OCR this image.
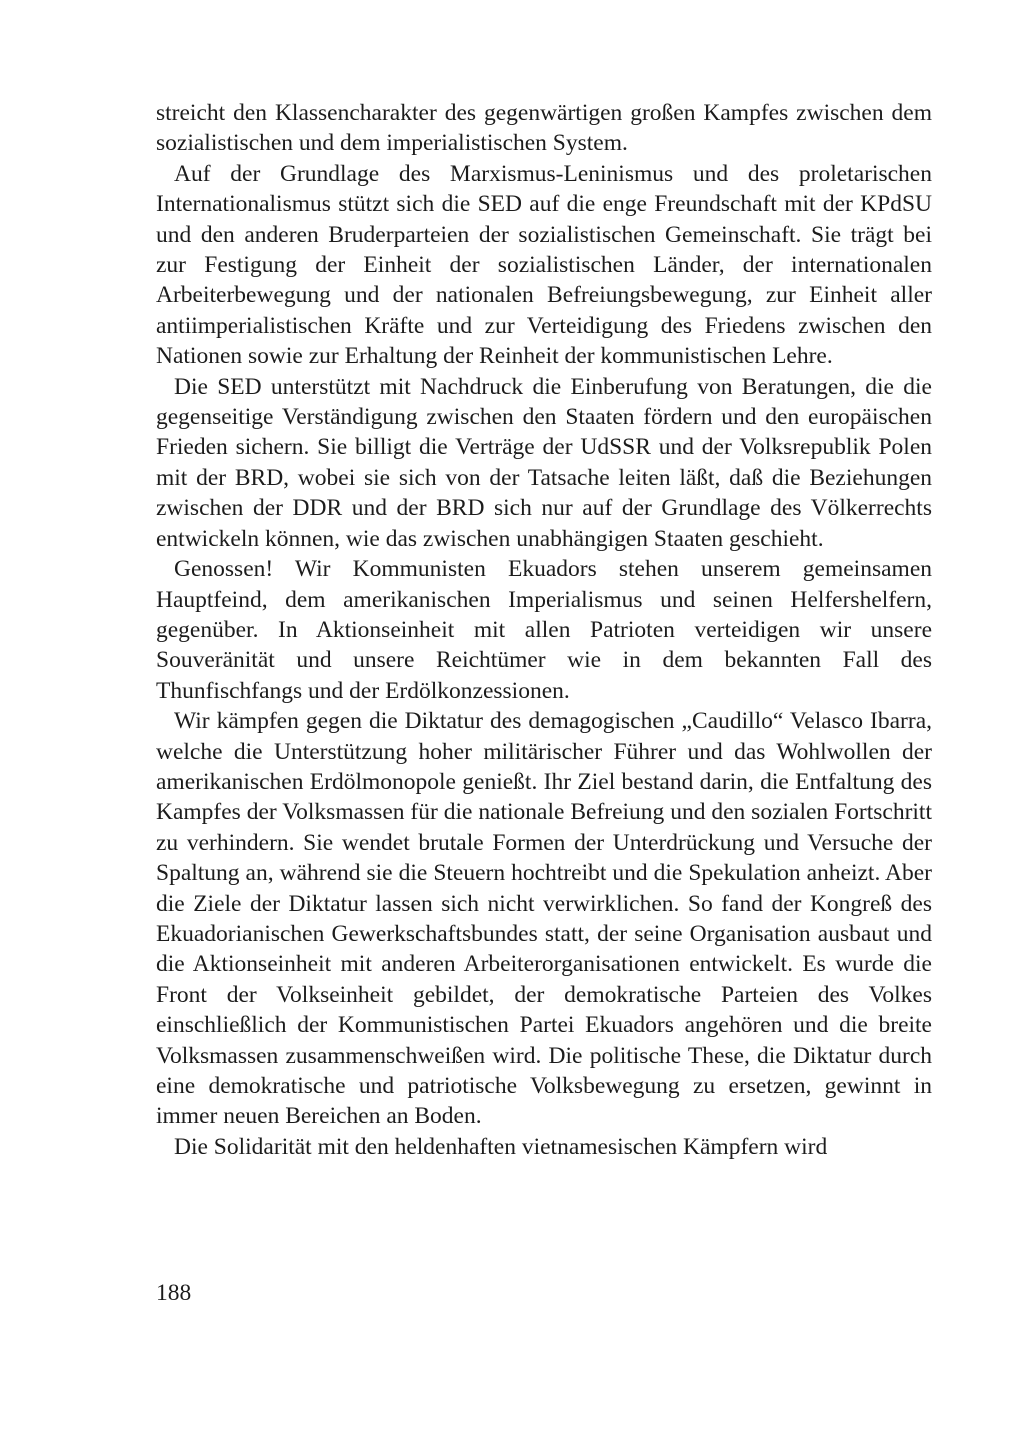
streicht den Klassencharakter des gegenwärtigen großen Kampfes zwischen dem sozialistischen und dem imperialistischen System.

Auf der Grundlage des Marxismus-Leninismus und des proletarischen Internationalismus stützt sich die SED auf die enge Freundschaft mit der KPdSU und den anderen Bruderparteien der sozialistischen Gemeinschaft. Sie trägt bei zur Festigung der Einheit der sozialistischen Länder, der internationalen Arbeiterbewegung und der nationalen Befreiungsbewegung, zur Einheit aller antiimperialistischen Kräfte und zur Verteidigung des Friedens zwischen den Nationen sowie zur Erhaltung der Reinheit der kommunistischen Lehre.

Die SED unterstützt mit Nachdruck die Einberufung von Beratungen, die die gegenseitige Verständigung zwischen den Staaten fördern und den europäischen Frieden sichern. Sie billigt die Verträge der UdSSR und der Volksrepublik Polen mit der BRD, wobei sie sich von der Tatsache leiten läßt, daß die Beziehungen zwischen der DDR und der BRD sich nur auf der Grundlage des Völkerrechts entwickeln können, wie das zwischen unabhängigen Staaten geschieht.

Genossen! Wir Kommunisten Ekuadors stehen unserem gemeinsamen Hauptfeind, dem amerikanischen Imperialismus und seinen Helfershelfern, gegenüber. In Aktionseinheit mit allen Patrioten verteidigen wir unsere Souveränität und unsere Reichtümer wie in dem bekannten Fall des Thunfischfangs und der Erdölkonzessionen.

Wir kämpfen gegen die Diktatur des demagogischen „Caudillo“ Velasco Ibarra, welche die Unterstützung hoher militärischer Führer und das Wohlwollen der amerikanischen Erdölmonopole genießt. Ihr Ziel bestand darin, die Entfaltung des Kampfes der Volksmassen für die nationale Befreiung und den sozialen Fortschritt zu verhindern. Sie wendet brutale Formen der Unterdrückung und Versuche der Spaltung an, während sie die Steuern hochtreibt und die Spekulation anheizt. Aber die Ziele der Diktatur lassen sich nicht verwirklichen. So fand der Kongreß des Ekuadorianischen Gewerkschaftsbundes statt, der seine Organisation ausbaut und die Aktionseinheit mit anderen Arbeiterorganisationen entwickelt. Es wurde die Front der Volkseinheit gebildet, der demokratische Parteien des Volkes einschließlich der Kommunistischen Partei Ekuadors angehören und die breite Volksmassen zusammenschweißen wird. Die politische These, die Diktatur durch eine demokratische und patriotische Volksbewegung zu ersetzen, gewinnt in immer neuen Bereichen an Boden.

Die Solidarität mit den heldenhaften vietnamesischen Kämpfern wird

188
